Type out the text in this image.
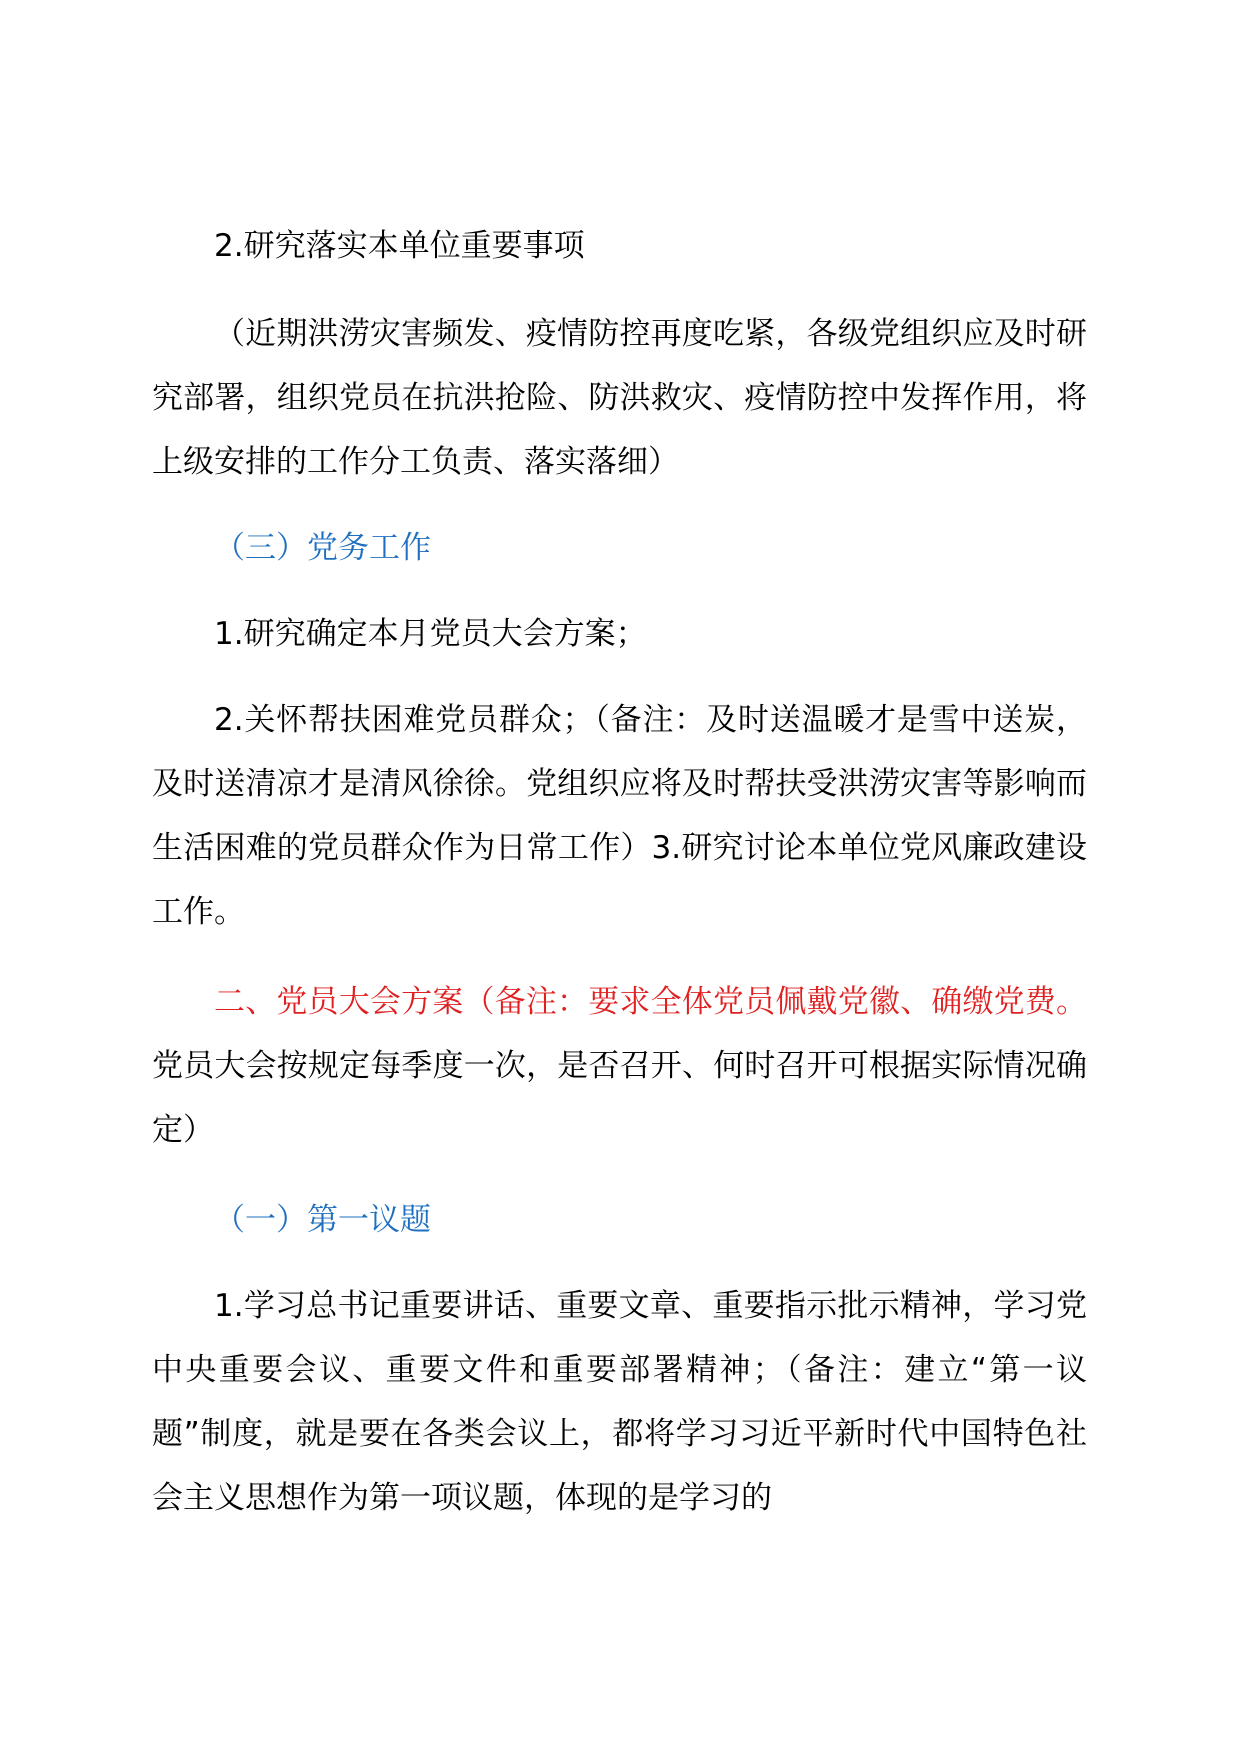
2.研究落实本单位重要事项

（近期洪涝灾害频发、疫情防控再度吃紧，各级党组织应及时研究部署，组织党员在抗洪抢险、防洪救灾、疫情防控中发挥作用，将上级安排的工作分工负责、落实落细）

（三）党务工作

1.研究确定本月党员大会方案；

2.关怀帮扶困难党员群众；（备注：及时送温暖才是雪中送炭，及时送清凉才是清风徐徐。党组织应将及时帮扶受洪涝灾害等影响而生活困难的党员群众作为日常工作）3.研究讨论本单位党风廉政建设工作。

二、党员大会方案（备注：要求全体党员佩戴党徽、确缴党费。党员大会按规定每季度一次，是否召开、何时召开可根据实际情况确定）

（一）第一议题

1.学习总书记重要讲话、重要文章、重要指示批示精神，学习党中央重要会议、重要文件和重要部署精神；（备注：建立“第一议题”制度，就是要在各类会议上，都将学习习近平新时代中国特色社会主义思想作为第一项议题，体现的是学习的
